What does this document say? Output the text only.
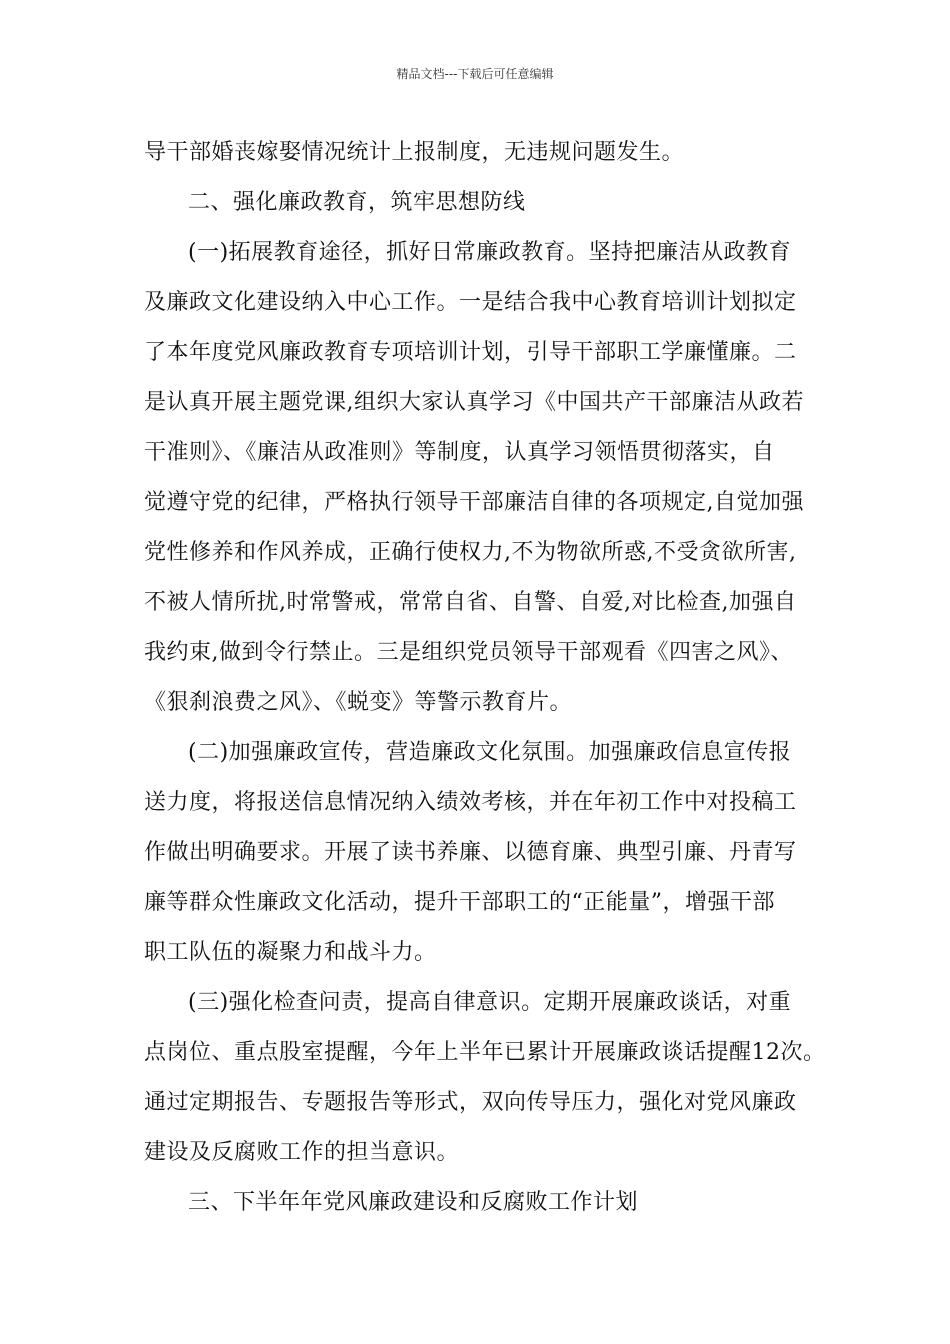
精品文档---下载后可任意编辑
导干部婚丧嫁娶情况统计上报制度，无违规问题发生。
二、强化廉政教育，筑牢思想防线
(一)拓展教育途径，抓好日常廉政教育。坚持把廉洁从政教育
及廉政文化建设纳入中心工作。一是结合我中心教育培训计划拟定
了本年度党风廉政教育专项培训计划，引导干部职工学廉懂廉。二
是认真开展主题党课,组织大家认真学习《中国共产干部廉洁从政若
干准则》、《廉洁从政准则》等制度，认真学习领悟贯彻落实，自
觉遵守党的纪律，严格执行领导干部廉洁自律的各项规定,自觉加强
党性修养和作风养成，正确行使权力,不为物欲所惑,不受贪欲所害,
不被人情所扰,时常警戒，常常自省、自警、自爱,对比检查,加强自
我约束,做到令行禁止。三是组织党员领导干部观看《四害之风》、
《狠刹浪费之风》、《蜕变》等警示教育片。
(二)加强廉政宣传，营造廉政文化氛围。加强廉政信息宣传报
送力度，将报送信息情况纳入绩效考核，并在年初工作中对投稿工
作做出明确要求。开展了读书养廉、以德育廉、典型引廉、丹青写
廉等群众性廉政文化活动，提升干部职工的“正能量”，增强干部
职工队伍的凝聚力和战斗力。
(三)强化检查问责，提高自律意识。定期开展廉政谈话，对重
点岗位、重点股室提醒，今年上半年已累计开展廉政谈话提醒12次。
通过定期报告、专题报告等形式，双向传导压力，强化对党风廉政
建设及反腐败工作的担当意识。
三、下半年年党风廉政建设和反腐败工作计划
